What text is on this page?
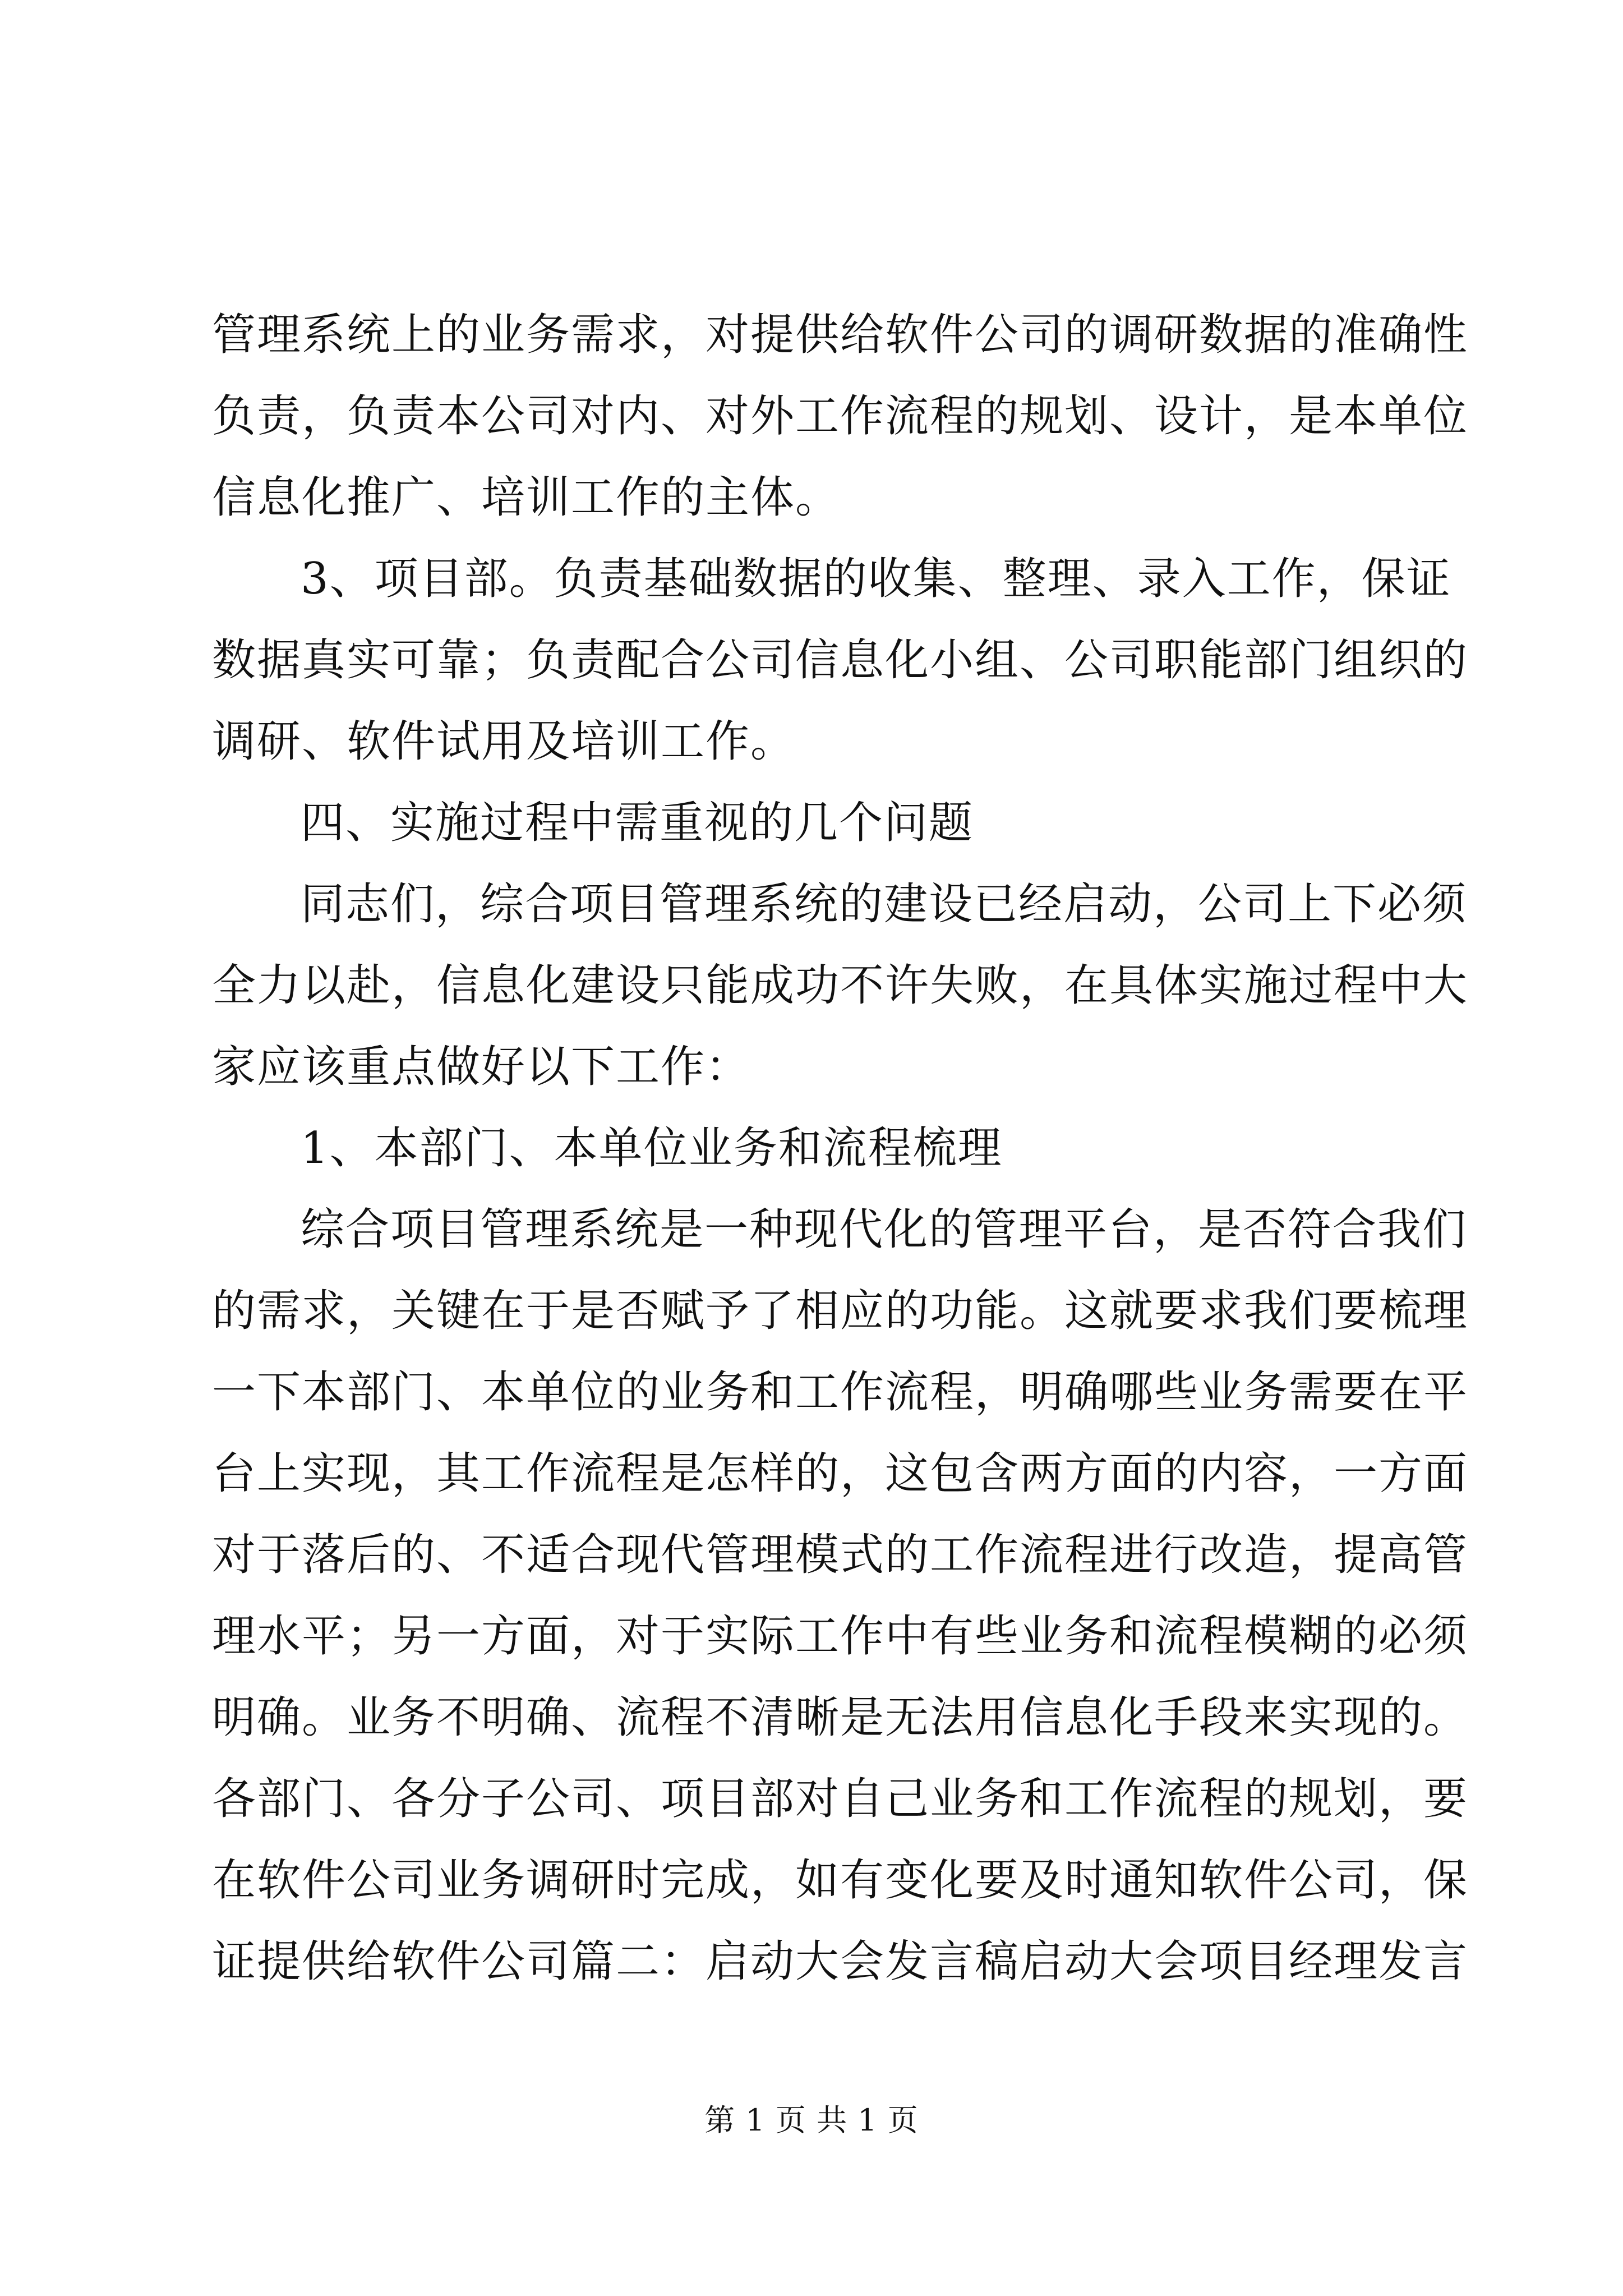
管理系统上的业务需求，对提供给软件公司的调研数据的准确性
负责，负责本公司对内、对外工作流程的规划、设计，是本单位
信息化推广、培训工作的主体。
3、项目部。负责基础数据的收集、整理、录入工作，保证
数据真实可靠；负责配合公司信息化小组、公司职能部门组织的
调研、软件试用及培训工作。
四、实施过程中需重视的几个问题
同志们，综合项目管理系统的建设已经启动，公司上下必须
全力以赴，信息化建设只能成功不许失败，在具体实施过程中大
家应该重点做好以下工作：
1、本部门、本单位业务和流程梳理
综合项目管理系统是一种现代化的管理平台，是否符合我们
的需求，关键在于是否赋予了相应的功能。这就要求我们要梳理
一下本部门、本单位的业务和工作流程，明确哪些业务需要在平
台上实现，其工作流程是怎样的，这包含两方面的内容，一方面
对于落后的、不适合现代管理模式的工作流程进行改造，提高管
理水平；另一方面，对于实际工作中有些业务和流程模糊的必须
明确。业务不明确、流程不清晰是无法用信息化手段来实现的。
各部门、各分子公司、项目部对自己业务和工作流程的规划，要
在软件公司业务调研时完成，如有变化要及时通知软件公司，保
证提供给软件公司篇二：启动大会发言稿启动大会项目经理发言
第 1 页 共 1 页
